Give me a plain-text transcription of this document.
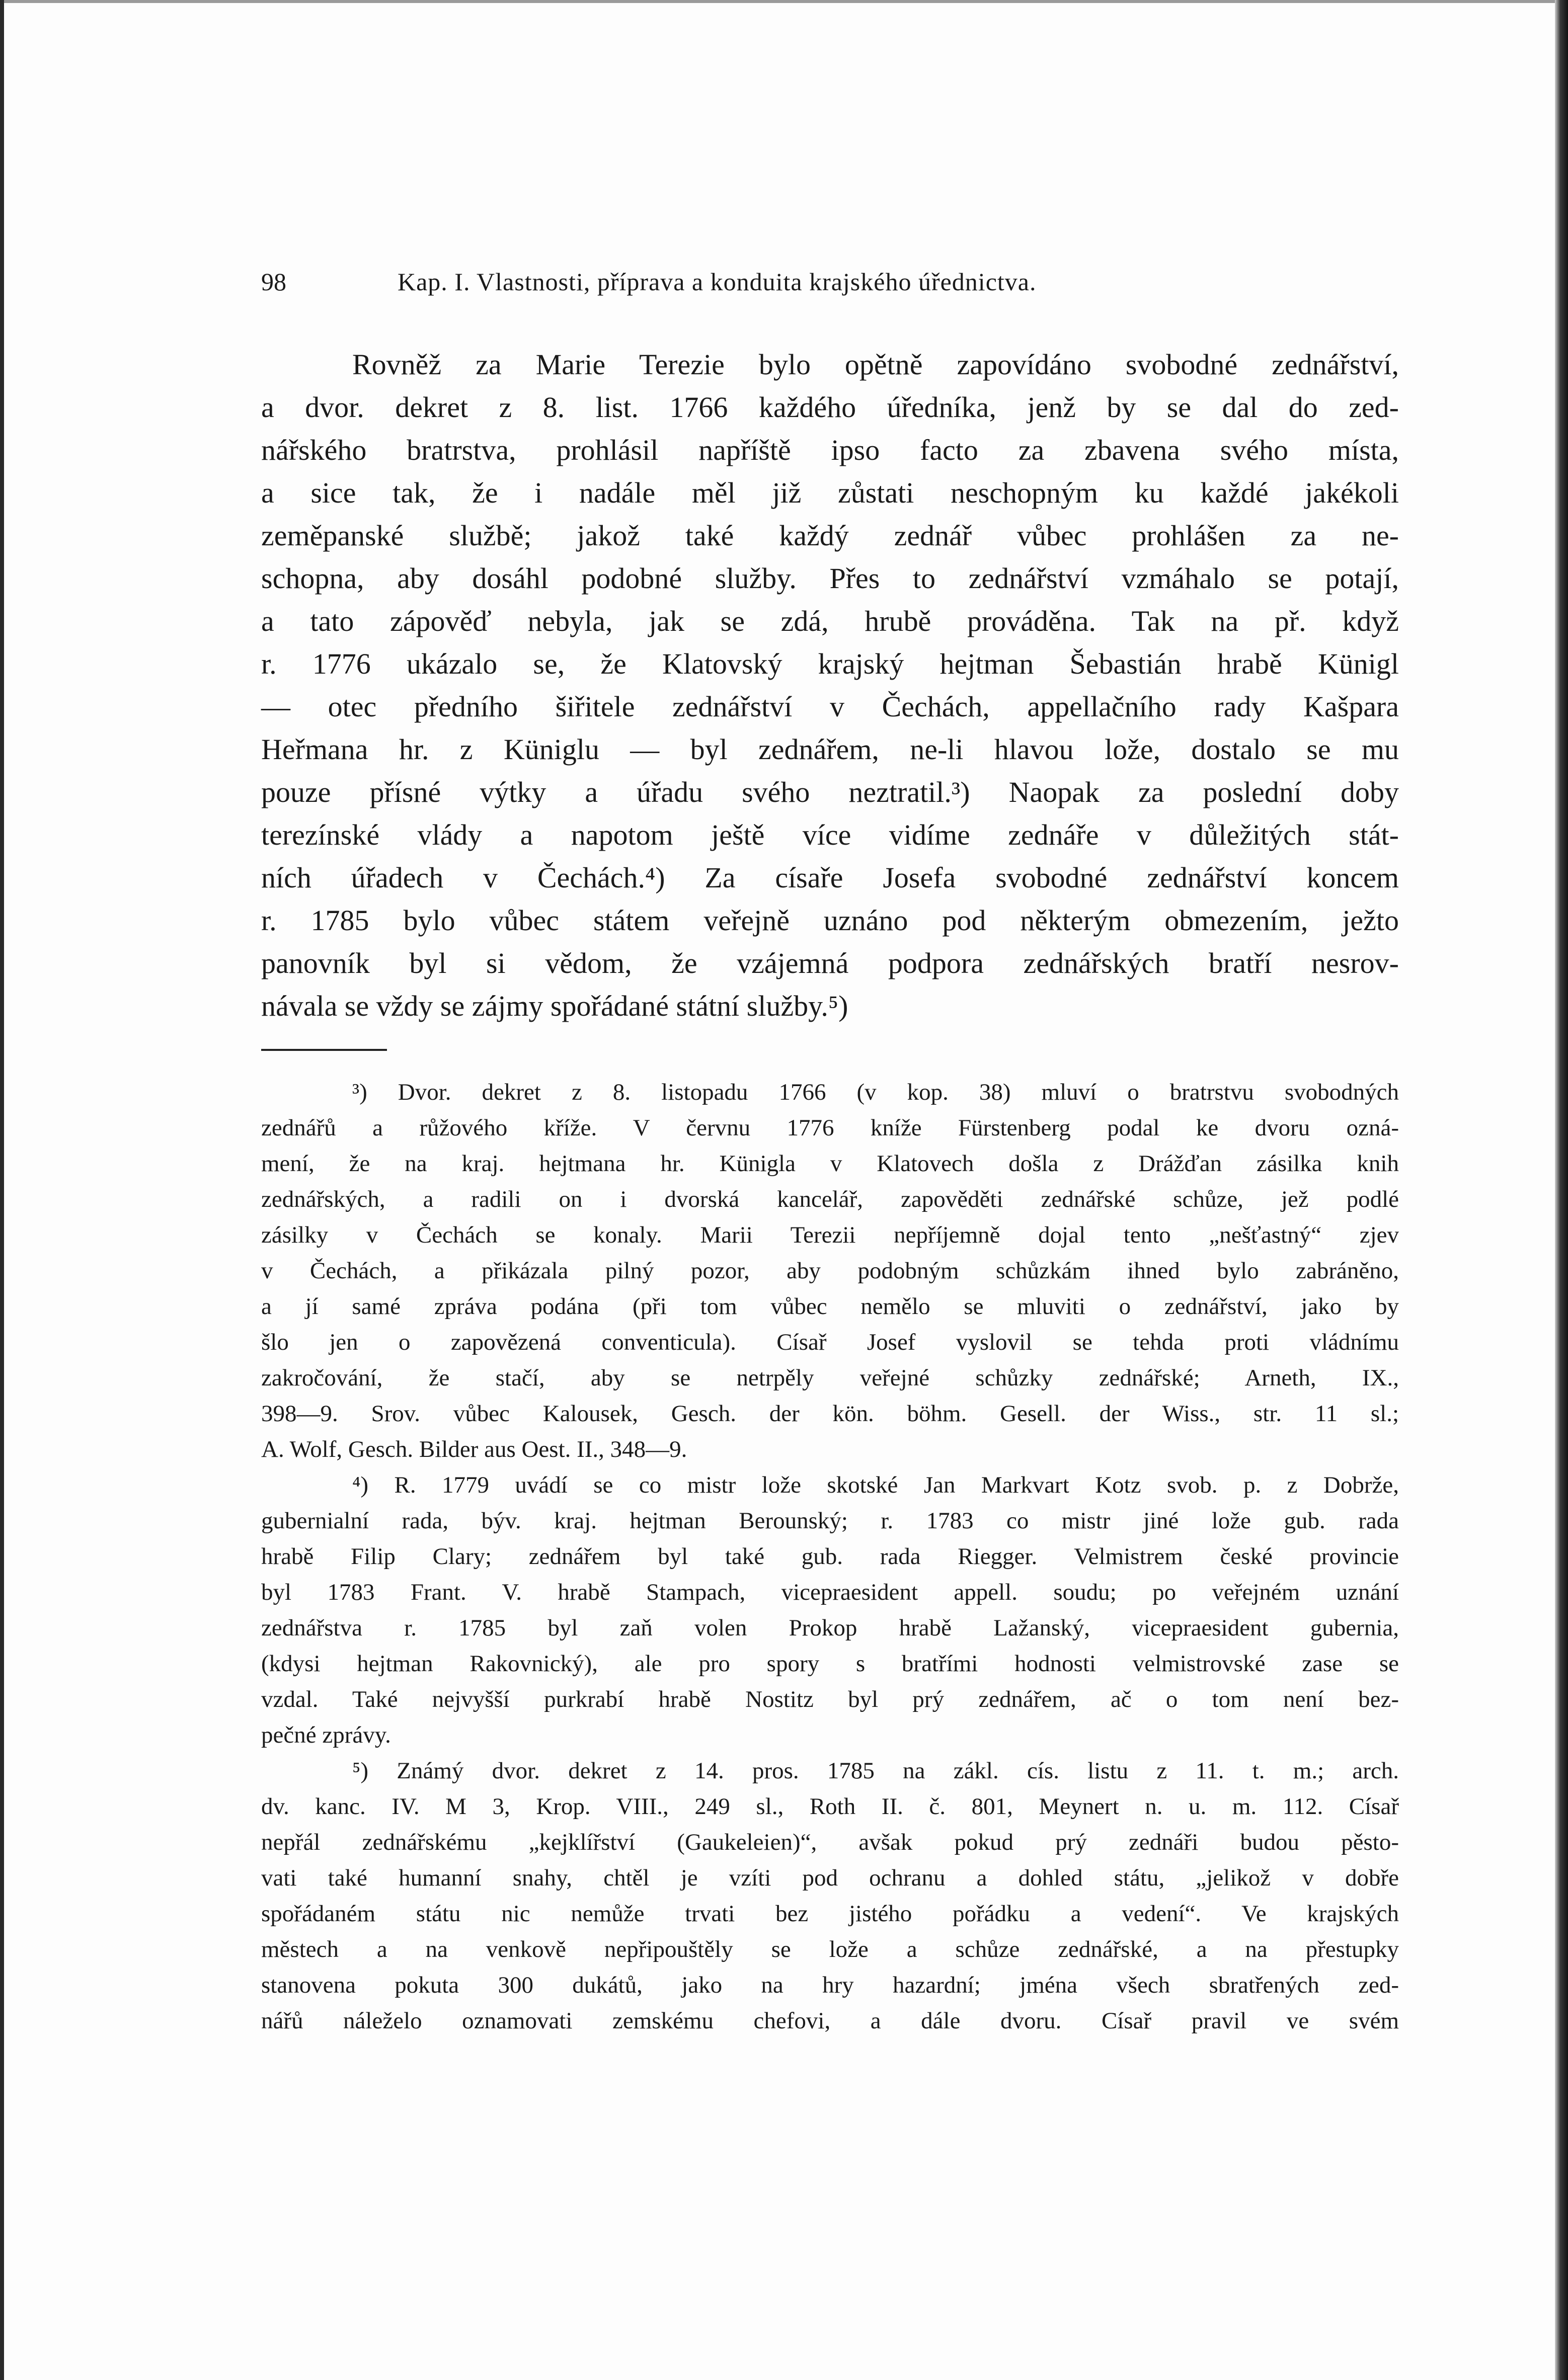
98	Kap. I. Vlastnosti, příprava a konduita krajského úřednictva.
Rovněž za Marie Terezie bylo opětně zapovídáno svobodné zednářství,
a dvor. dekret z 8. list. 1766 každého úředníka, jenž by se dal do zed-
nářského bratrstva, prohlásil napříště ipso facto za zbavena svého místa,
a sice tak, že i nadále měl již zůstati neschopným ku každé jakékoli
zeměpanské službě; jakož také každý zednář vůbec prohlášen za ne-
schopna, aby dosáhl podobné služby. Přes to zednářství vzmáhalo se potají,
a tato zápověď nebyla, jak se zdá, hrubě prováděna. Tak na př. když
r. 1776 ukázalo se, že Klatovský krajský hejtman Šebastián hrabě Künigl
— otec předního šiřitele zednářství v Čechách, appellačního rady Kašpara
Heřmana hr. z Küniglu — byl zednářem, ne-li hlavou lože, dostalo se mu
pouze přísné výtky a úřadu svého neztratil.³) Naopak za poslední doby
terezínské vlády a napotom ještě více vidíme zednáře v důležitých stát-
ních úřadech v Čechách.⁴) Za císaře Josefa svobodné zednářství koncem
r. 1785 bylo vůbec státem veřejně uznáno pod některým obmezením, ježto
panovník byl si vědom, že vzájemná podpora zednářských bratří nesrov-
návala se vždy se zájmy spořádané státní služby.⁵)
³) Dvor. dekret z 8. listopadu 1766 (v kop. 38) mluví o bratrstvu svobodných
zednářů a růžového kříže. V červnu 1776 kníže Fürstenberg podal ke dvoru ozná-
mení, že na kraj. hejtmana hr. Künigla v Klatovech došla z Drážďan zásilka knih
zednářských, a radili on i dvorská kancelář, zapověděti zednářské schůze, jež podlé
zásilky v Čechách se konaly. Marii Terezii nepříjemně dojal tento „nešťastný“ zjev
v Čechách, a přikázala pilný pozor, aby podobným schůzkám ihned bylo zabráněno,
a jí samé zpráva podána (při tom vůbec nemělo se mluviti o zednářství, jako by
šlo jen o zapovězená conventicula). Císař Josef vyslovil se tehda proti vládnímu
zakročování, že stačí, aby se netrpěly veřejné schůzky zednářské; Arneth, IX.,
398—9. Srov. vůbec Kalousek, Gesch. der kön. böhm. Gesell. der Wiss., str. 11 sl.;
A. Wolf, Gesch. Bilder aus Oest. II., 348—9.
⁴) R. 1779 uvádí se co mistr lože skotské Jan Markvart Kotz svob. p. z Dobrže,
gubernialní rada, býv. kraj. hejtman Berounský; r. 1783 co mistr jiné lože gub. rada
hrabě Filip Clary; zednářem byl také gub. rada Riegger. Velmistrem české provincie
byl 1783 Frant. V. hrabě Stampach, vicepraesident appell. soudu; po veřejném uznání
zednářstva r. 1785 byl zaň volen Prokop hrabě Lažanský, vicepraesident gubernia,
(kdysi hejtman Rakovnický), ale pro spory s bratřími hodnosti velmistrovské zase se
vzdal. Také nejvyšší purkrabí hrabě Nostitz byl prý zednářem, ač o tom není bez-
pečné zprávy.
⁵) Známý dvor. dekret z 14. pros. 1785 na zákl. cís. listu z 11. t. m.; arch.
dv. kanc. IV. M 3, Krop. VIII., 249 sl., Roth II. č. 801, Meynert n. u. m. 112. Císař
nepřál zednářskému „kejklířství (Gaukeleien)“, avšak pokud prý zednáři budou pěsto-
vati také humanní snahy, chtěl je vzíti pod ochranu a dohled státu, „jelikož v dobře
spořádaném státu nic nemůže trvati bez jistého pořádku a vedení“. Ve krajských
městech a na venkově nepřipouštěly se lože a schůze zednářské, a na přestupky
stanovena pokuta 300 dukátů, jako na hry hazardní; jména všech sbratřených zed-
nářů náleželo oznamovati zemskému chefovi, a dále dvoru. Císař pravil ve svém
